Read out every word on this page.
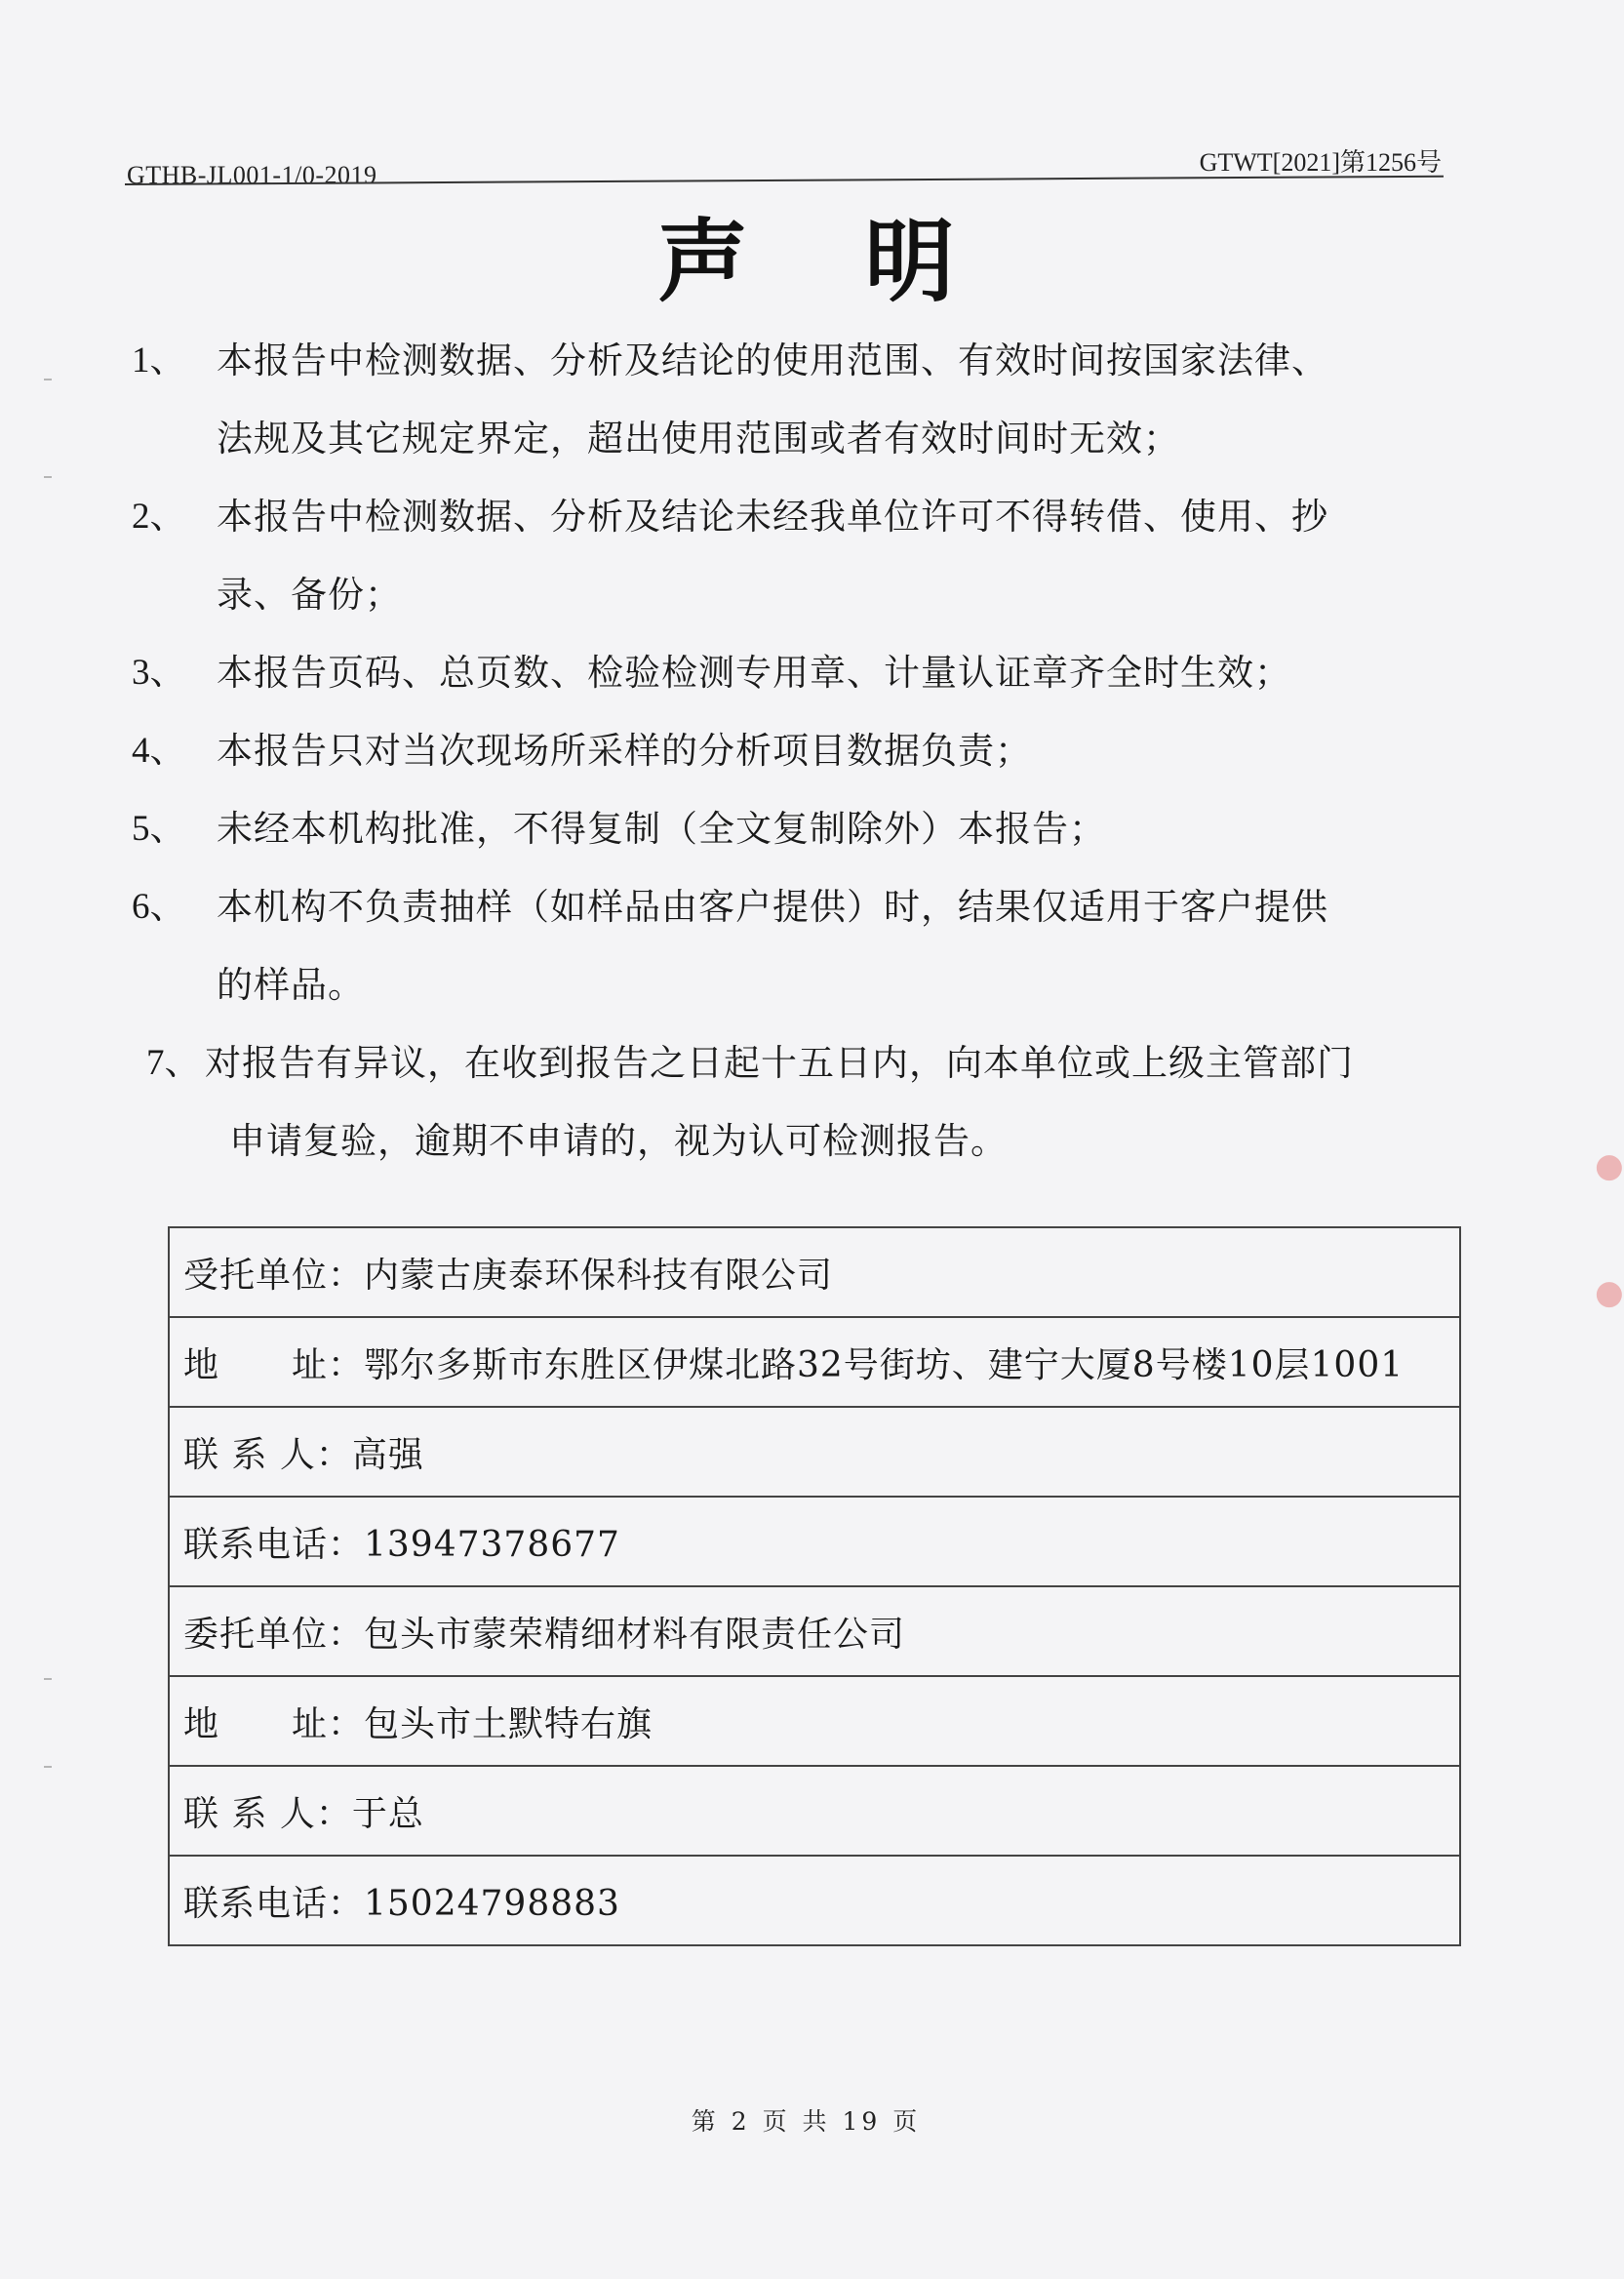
GTHB-JL001-1/0-2019	GTWT[2021]第1256号
声明
1、 本报告中检测数据、分析及结论的使用范围、有效时间按国家法律、
法规及其它规定界定，超出使用范围或者有效时间时无效；
2、 本报告中检测数据、分析及结论未经我单位许可不得转借、使用、抄
录、备份；
3、 本报告页码、总页数、检验检测专用章、计量认证章齐全时生效；
4、 本报告只对当次现场所采样的分析项目数据负责；
5、 未经本机构批准，不得复制（全文复制除外）本报告；
6、 本机构不负责抽样（如样品由客户提供）时，结果仅适用于客户提供
的样品。
7、 对报告有异议，在收到报告之日起十五日内，向本单位或上级主管部门
申请复验，逾期不申请的，视为认可检测报告。
受托单位：内蒙古庚泰环保科技有限公司
地　　址：鄂尔多斯市东胜区伊煤北路32号街坊、建宁大厦8号楼10层1001
联 系 人：高强
联系电话：13947378677
委托单位：包头市蒙荣精细材料有限责任公司
地　　址：包头市土默特右旗
联 系 人：于总
联系电话：15024798883
第 2 页 共 19 页
●
●
